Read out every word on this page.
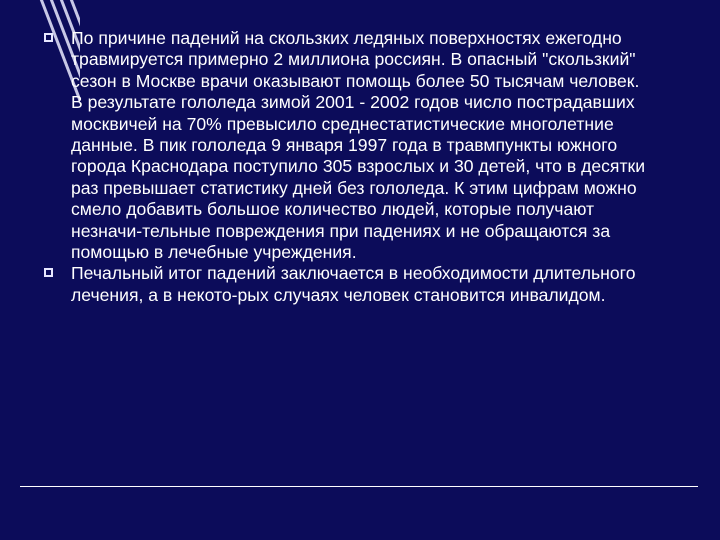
По причине падений на скользких ледяных поверхностях ежегодно травмируется примерно 2 миллиона россиян. В опасный "скользкий" сезон в Москве врачи оказывают помощь более 50 тысячам человек. В результате гололеда зимой 2001 - 2002 годов число пострадавших москвичей на 70% превысило среднестатистические многолетние данные. В пик гололеда 9 января 1997 года в травмпункты южного города Краснодара поступило 305 взрослых и 30 детей, что в десятки раз превышает статистику дней без гололеда. К этим цифрам можно смело добавить большое количество людей, которые получают незначи-тельные повреждения при падениях и не обращаются за помощью в лечебные учреждения.
Печальный итог падений заключается в необходимости длительного лечения, а в некото-рых случаях человек становится инвалидом.
